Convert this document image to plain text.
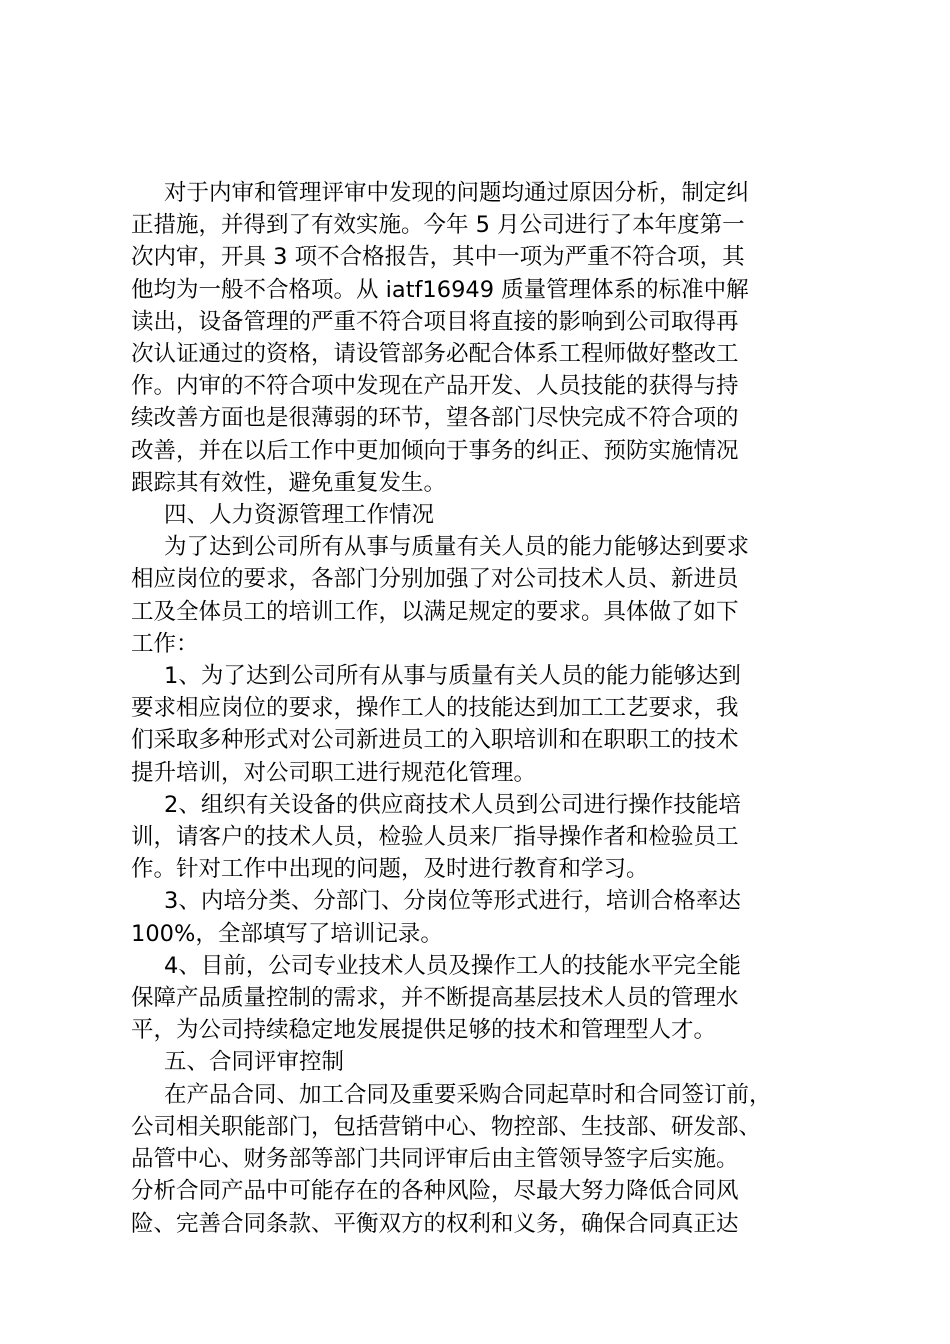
对于内审和管理评审中发现的问题均通过原因分析，制定纠
正措施，并得到了有效实施。今年 5 月公司进行了本年度第一
次内审，开具 3 项不合格报告，其中一项为严重不符合项，其
他均为一般不合格项。从 iatf16949 质量管理体系的标准中解
读出，设备管理的严重不符合项目将直接的影响到公司取得再
次认证通过的资格，请设管部务必配合体系工程师做好整改工
作。内审的不符合项中发现在产品开发、人员技能的获得与持
续改善方面也是很薄弱的环节，望各部门尽快完成不符合项的
改善，并在以后工作中更加倾向于事务的纠正、预防实施情况
跟踪其有效性，避免重复发生。
四、人力资源管理工作情况
为了达到公司所有从事与质量有关人员的能力能够达到要求
相应岗位的要求，各部门分别加强了对公司技术人员、新进员
工及全体员工的培训工作，以满足规定的要求。具体做了如下
工作：
1、为了达到公司所有从事与质量有关人员的能力能够达到
要求相应岗位的要求，操作工人的技能达到加工工艺要求，我
们采取多种形式对公司新进员工的入职培训和在职职工的技术
提升培训，对公司职工进行规范化管理。
2、组织有关设备的供应商技术人员到公司进行操作技能培
训，请客户的技术人员，检验人员来厂指导操作者和检验员工
作。针对工作中出现的问题，及时进行教育和学习。
3、内培分类、分部门、分岗位等形式进行，培训合格率达
100%，全部填写了培训记录。
4、目前，公司专业技术人员及操作工人的技能水平完全能
保障产品质量控制的需求，并不断提高基层技术人员的管理水
平，为公司持续稳定地发展提供足够的技术和管理型人才。
五、合同评审控制
在产品合同、加工合同及重要采购合同起草时和合同签订前，
公司相关职能部门，包括营销中心、物控部、生技部、研发部、
品管中心、财务部等部门共同评审后由主管领导签字后实施。
分析合同产品中可能存在的各种风险，尽最大努力降低合同风
险、完善合同条款、平衡双方的权利和义务，确保合同真正达
